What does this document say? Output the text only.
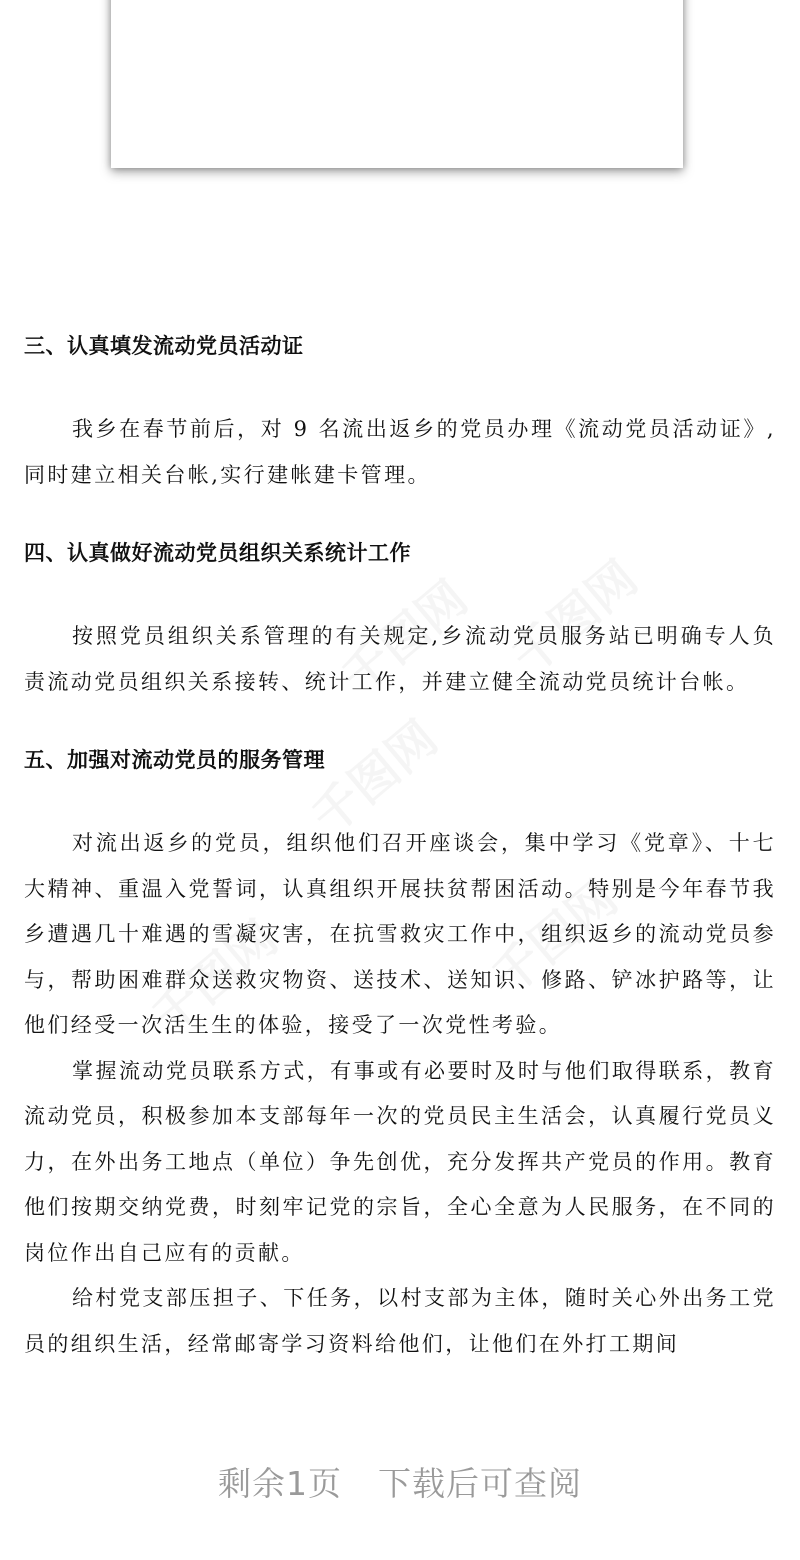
千图网 千图网
千图网
千图网
千图网
三、认真填发流动党员活动证

我乡在春节前后，对 9 名流出返乡的党员办理《流动党员活动证》,同时建立相关台帐,实行建帐建卡管理。

四、认真做好流动党员组织关系统计工作

按照党员组织关系管理的有关规定,乡流动党员服务站已明确专人负责流动党员组织关系接转、统计工作，并建立健全流动党员统计台帐。

五、加强对流动党员的服务管理

对流出返乡的党员，组织他们召开座谈会，集中学习《党章》、十七大精神、重温入党誓词，认真组织开展扶贫帮困活动。特别是今年春节我乡遭遇几十难遇的雪凝灾害，在抗雪救灾工作中，组织返乡的流动党员参与，帮助困难群众送救灾物资、送技术、送知识、修路、铲冰护路等，让他们经受一次活生生的体验，接受了一次党性考验。

掌握流动党员联系方式，有事或有必要时及时与他们取得联系，教育流动党员，积极参加本支部每年一次的党员民主生活会，认真履行党员义力，在外出务工地点（单位）争先创优，充分发挥共产党员的作用。教育他们按期交纳党费，时刻牢记党的宗旨，全心全意为人民服务，在不同的岗位作出自己应有的贡献。

给村党支部压担子、下任务，以村支部为主体，随时关心外出务工党员的组织生活，经常邮寄学习资料给他们，让他们在外打工期间

剩余1页 下载后可查阅
